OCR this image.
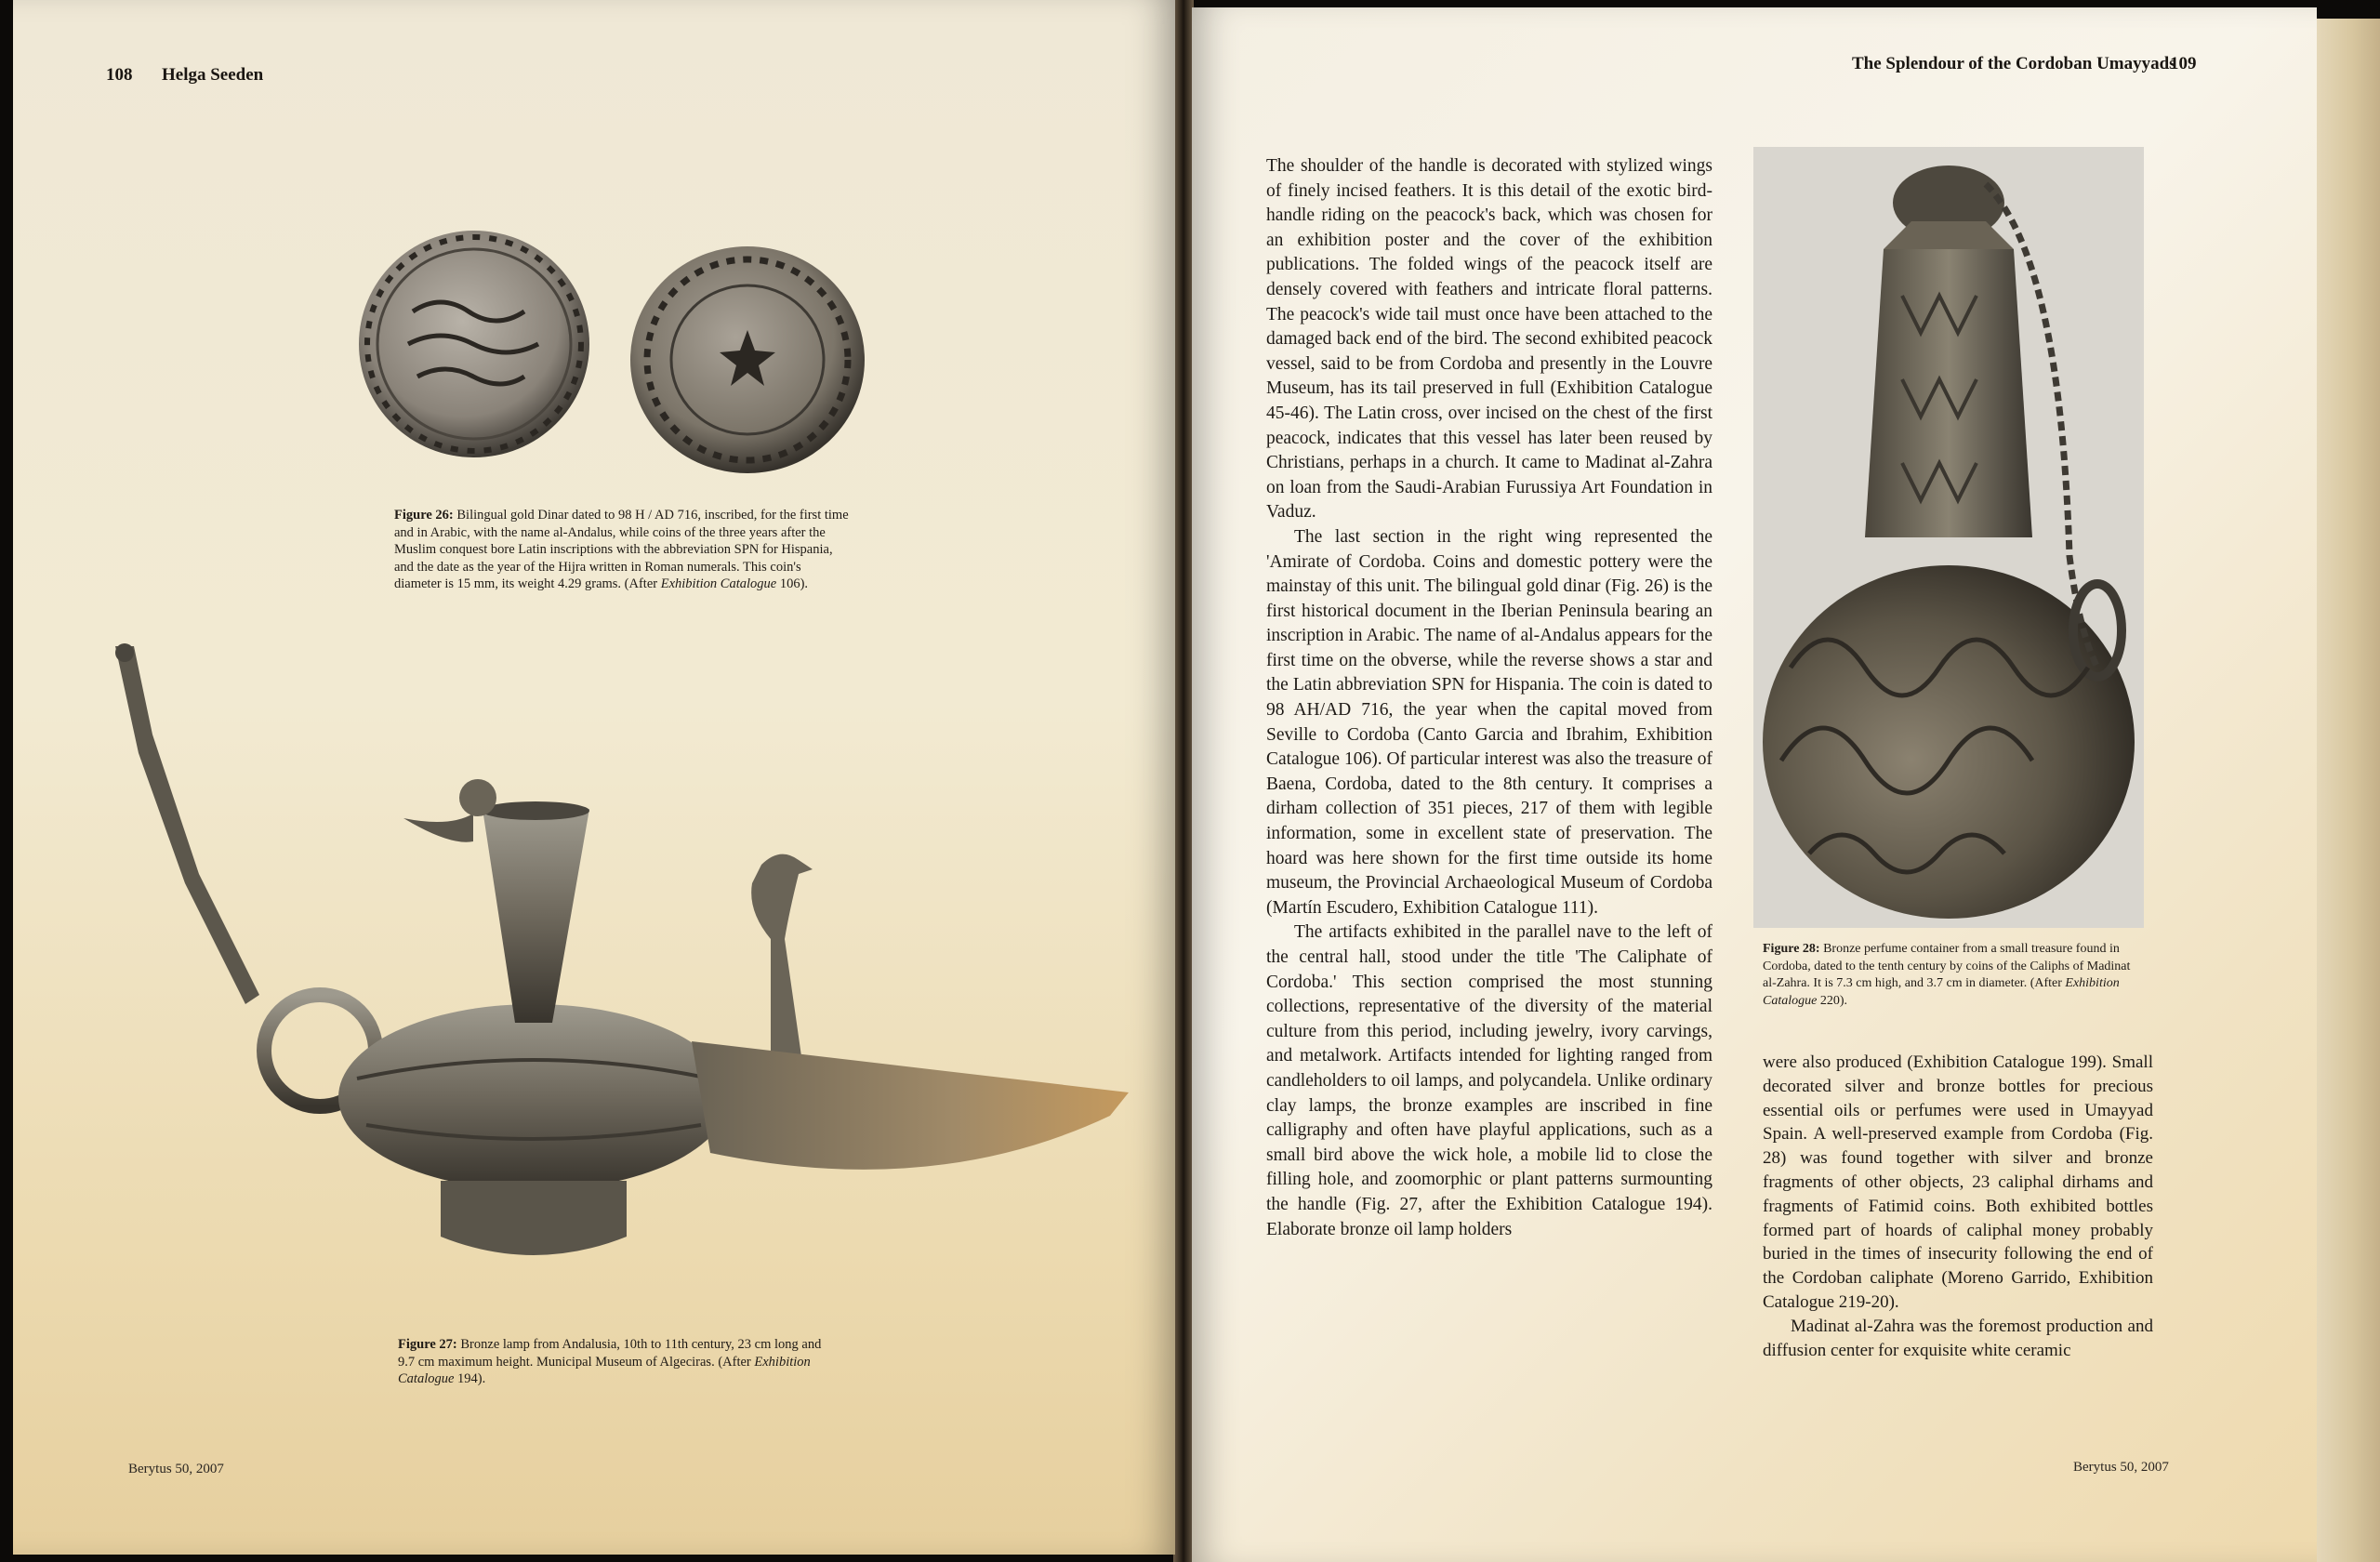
108 Helga Seeden
Figure 26: Bilingual gold Dinar dated to 98 H / AD 716, inscribed, for the first time and in Arabic, with the name al-Andalus, while coins of the three years after the Muslim conquest bore Latin inscriptions with the abbreviation SPN for Hispania, and the date as the year of the Hijra written in Roman numerals. This coin's diameter is 15 mm, its weight 4.29 grams. (After Exhibition Catalogue 106).
Figure 27: Bronze lamp from Andalusia, 10th to 11th century, 23 cm long and 9.7 cm maximum height. Municipal Museum of Algeciras. (After Exhibition Catalogue 194).
Berytus 50, 2007
The Splendour of the Cordoban Umayyads
109

The shoulder of the handle is decorated with stylized wings of finely incised feathers. It is this detail of the exotic bird-handle riding on the peacock's back, which was chosen for an exhibition poster and the cover of the exhibition publications. The folded wings of the peacock itself are densely covered with feathers and intricate floral patterns. The peacock's wide tail must once have been attached to the damaged back end of the bird. The second exhibited peacock vessel, said to be from Cordoba and presently in the Louvre Museum, has its tail preserved in full (Exhibition Catalogue 45-46). The Latin cross, over incised on the chest of the first peacock, indicates that this vessel has later been reused by Christians, perhaps in a church. It came to Madinat al-Zahra on loan from the Saudi-Arabian Furussiya Art Foundation in Vaduz.

The last section in the right wing represented the 'Amirate of Cordoba. Coins and domestic pottery were the mainstay of this unit. The bilingual gold dinar (Fig. 26) is the first historical document in the Iberian Peninsula bearing an inscription in Arabic. The name of al-Andalus appears for the first time on the obverse, while the reverse shows a star and the Latin abbreviation SPN for Hispania. The coin is dated to 98 AH/AD 716, the year when the capital moved from Seville to Cordoba (Canto Garcia and Ibrahim, Exhibition Catalogue 106). Of particular interest was also the treasure of Baena, Cordoba, dated to the 8th century. It comprises a dirham collection of 351 pieces, 217 of them with legible information, some in excellent state of preservation. The hoard was here shown for the first time outside its home museum, the Provincial Archaeological Museum of Cordoba (Martín Escudero, Exhibition Catalogue 111).

The artifacts exhibited in the parallel nave to the left of the central hall, stood under the title 'The Caliphate of Cordoba.' This section comprised the most stunning collections, representative of the diversity of the material culture from this period, including jewelry, ivory carvings, and metalwork. Artifacts intended for lighting ranged from candleholders to oil lamps, and polycandela. Unlike ordinary clay lamps, the bronze examples are inscribed in fine calligraphy and often have playful applications, such as a small bird above the wick hole, a mobile lid to close the filling hole, and zoomorphic or plant patterns surmounting the handle (Fig. 27, after the Exhibition Catalogue 194). Elaborate bronze oil lamp holders

Figure 28: Bronze perfume container from a small treasure found in Cordoba, dated to the tenth century by coins of the Caliphs of Madinat al-Zahra. It is 7.3 cm high, and 3.7 cm in diameter. (After Exhibition Catalogue 220).

were also produced (Exhibition Catalogue 199). Small decorated silver and bronze bottles for precious essential oils or perfumes were used in Umayyad Spain. A well-preserved example from Cordoba (Fig. 28) was found together with silver and bronze fragments of other objects, 23 caliphal dirhams and fragments of Fatimid coins. Both exhibited bottles formed part of hoards of caliphal money probably buried in the times of insecurity following the end of the Cordoban caliphate (Moreno Garrido, Exhibition Catalogue 219-20).

Madinat al-Zahra was the foremost production and diffusion center for exquisite white ceramic

Berytus 50, 2007
